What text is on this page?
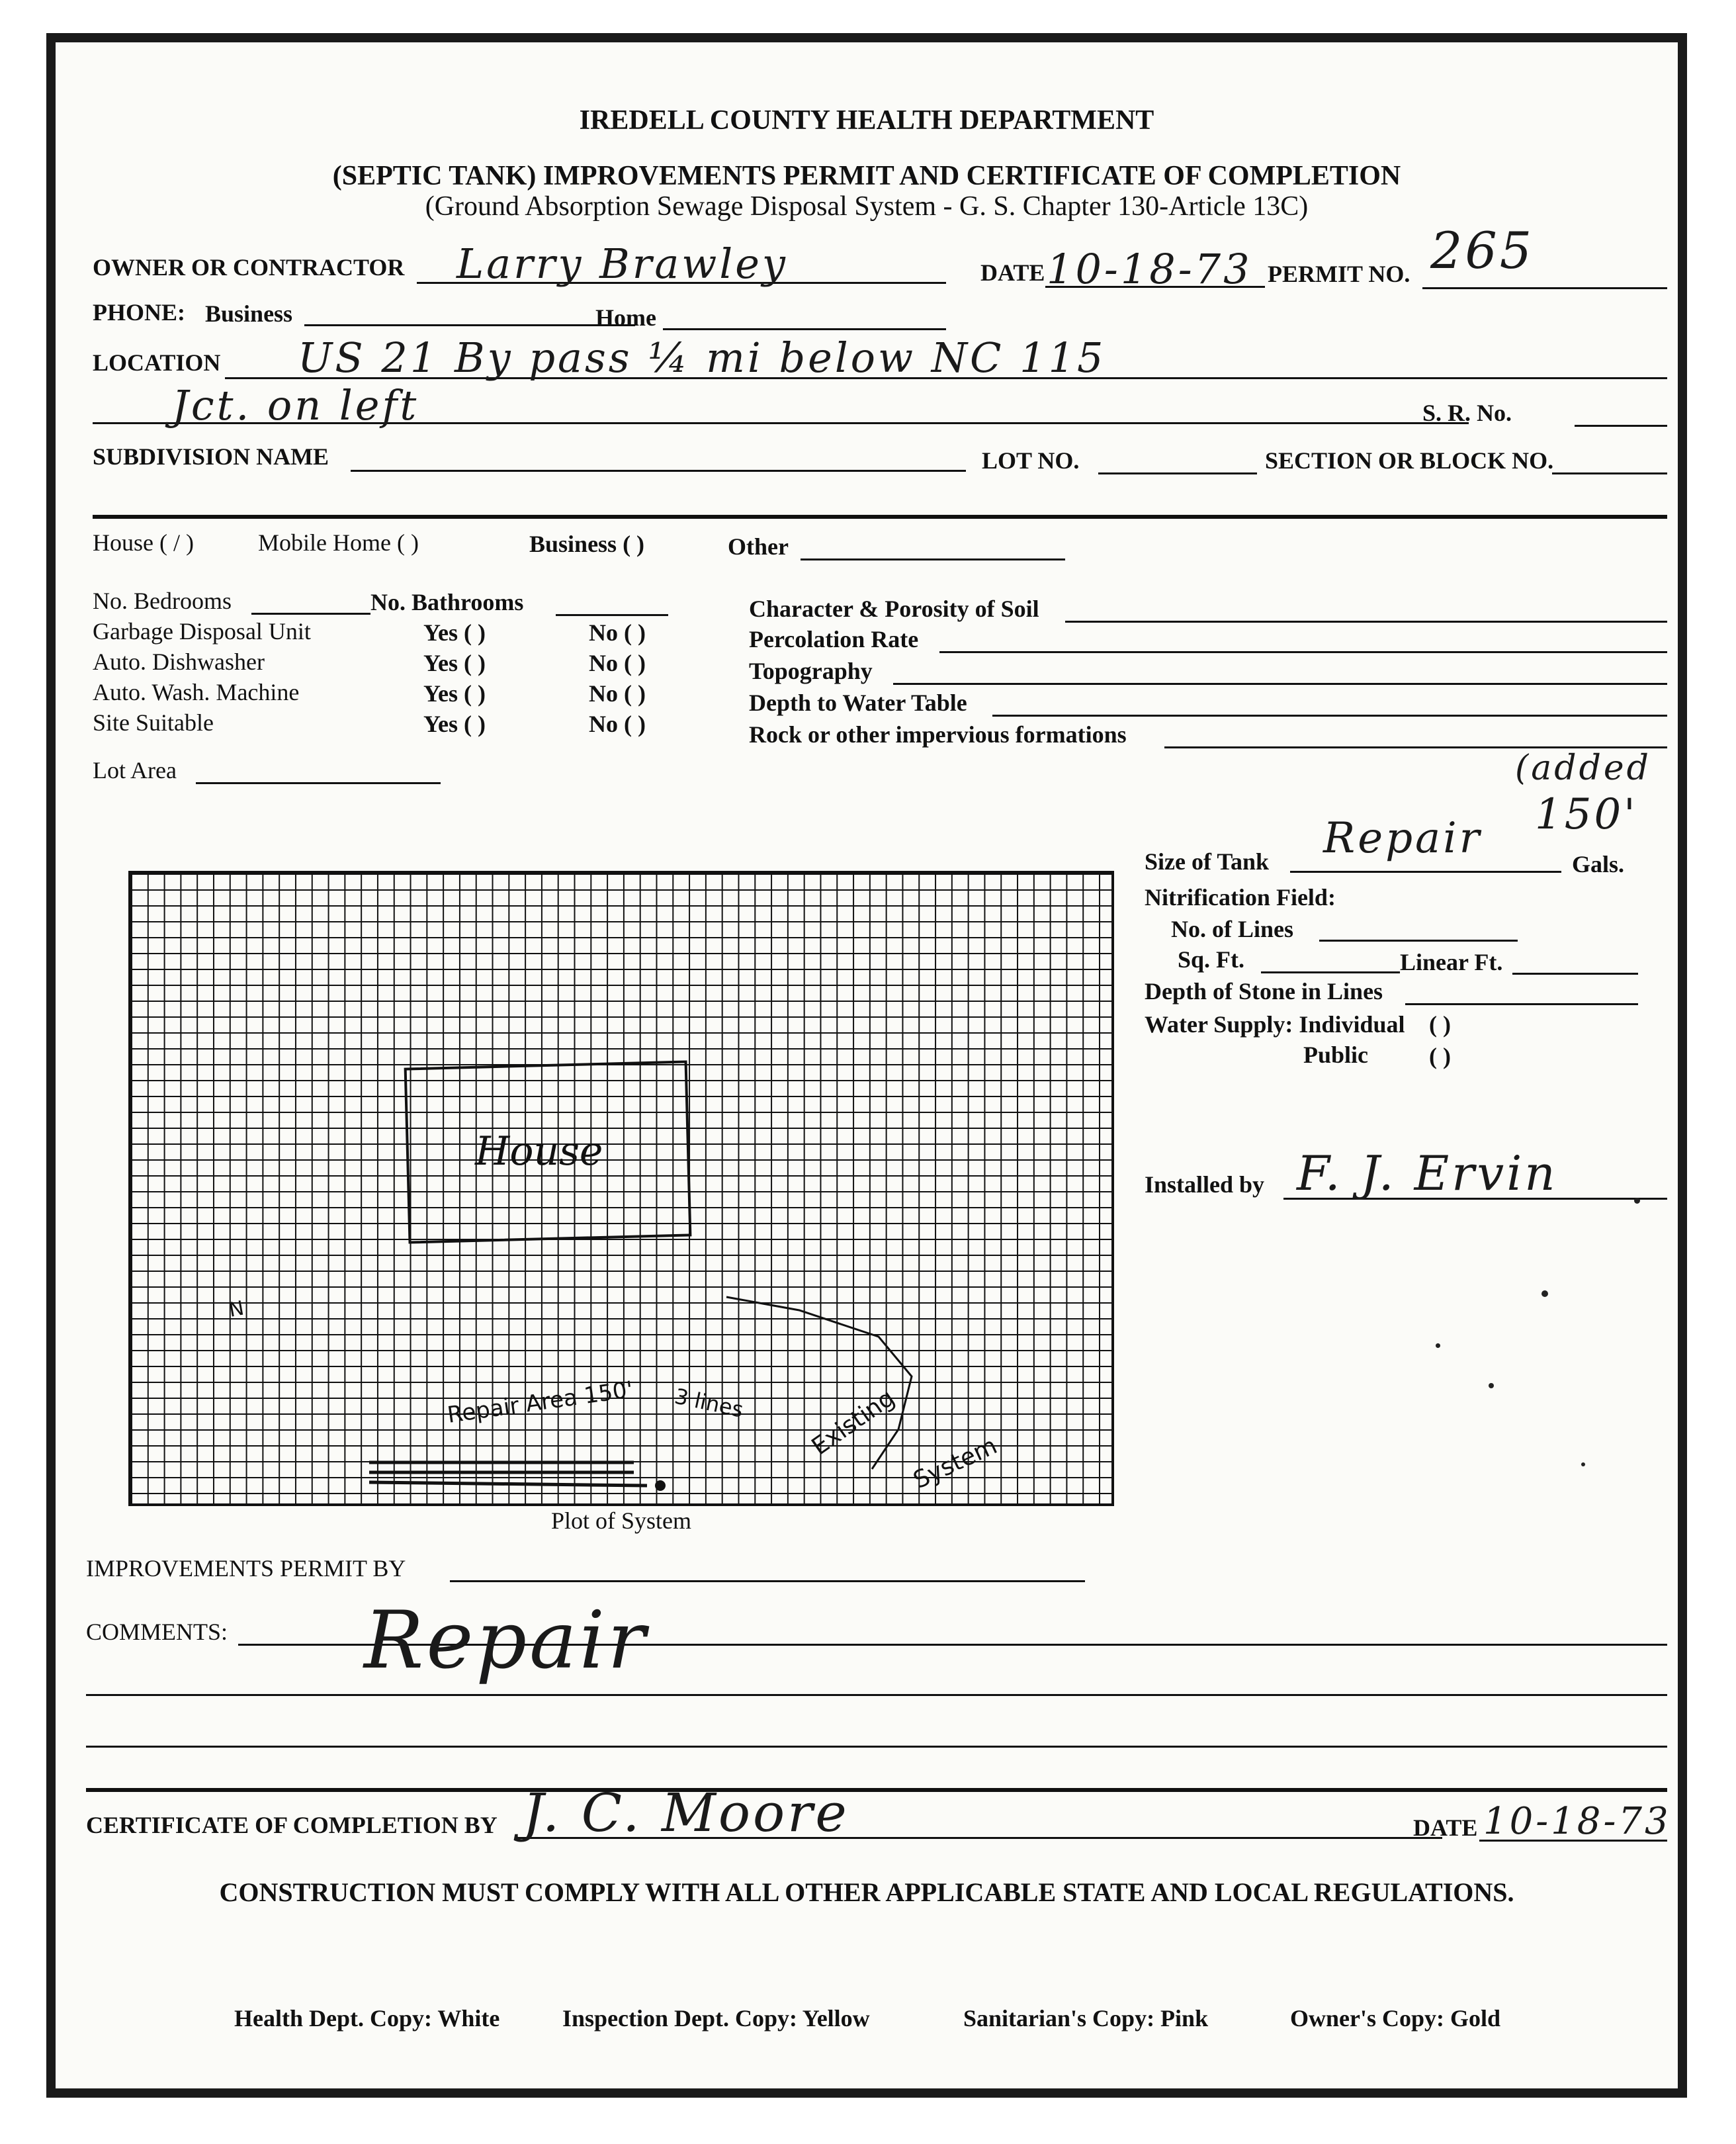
IREDELL COUNTY HEALTH DEPARTMENT
(SEPTIC TANK) IMPROVEMENTS PERMIT AND CERTIFICATE OF COMPLETION
(Ground Absorption Sewage Disposal System - G. S. Chapter 130-Article 13C)
OWNER OR CONTRACTOR Larry Brawley	DATE 10-18-73 PERMIT NO. 265
PHONE: Business	Home
LOCATION US 21 By pass ¼ mi below NC 115
Jct. on left	S. R. No.
SUBDIVISION NAME	LOT NO.	SECTION OR BLOCK NO.
House ( / )	Mobile Home ( )	Business ( )	Other
No. Bedrooms	No. Bathrooms
Garbage Disposal Unit	Yes ( )	No ( )
Auto. Dishwasher	Yes ( )	No ( )
Auto. Wash. Machine	Yes ( )	No ( )
Site Suitable	Yes ( )	No ( )
Lot Area
Character & Porosity of Soil
Percolation Rate
Topography
Depth to Water Table
Rock or other impervious formations
House
Repair Area 150' 3 lines	Existing
System
N
Plot of System
(added
150'
Repair
Size of Tank	Gals.
Nitrification Field:
No. of Lines
Sq. Ft.	Linear Ft.
Depth of Stone in Lines
Water Supply: Individual ( )
Public	( )
Installed by F. J. Ervin
IMPROVEMENTS PERMIT BY
COMMENTS: Repair
CERTIFICATE OF COMPLETION BY J. C. Moore	DATE 10-18-73
CONSTRUCTION MUST COMPLY WITH ALL OTHER APPLICABLE STATE AND LOCAL REGULATIONS.
Health Dept. Copy: White	Inspection Dept. Copy: Yellow	Sanitarian's Copy: Pink	Owner's Copy: Gold
